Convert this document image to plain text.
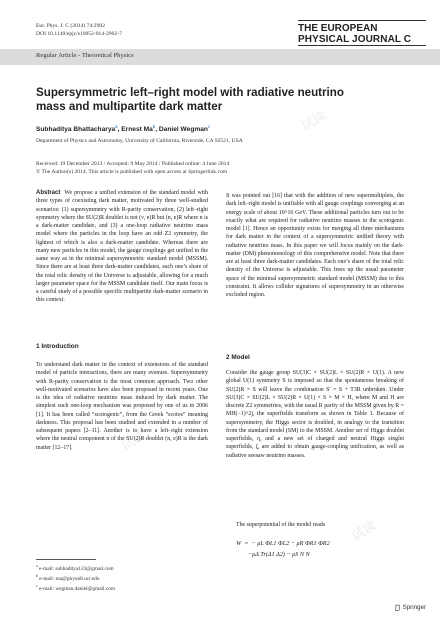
试读
试读
试读
试读
试读
试读
Eur. Phys. J. C (2014) 74:2902
DOI 10.1140/epjc/s10052-014-2902-7	THE EUROPEAN
PHYSICAL JOURNAL C
Regular Article - Theoretical Physics
Supersymmetric left–right model with radiative neutrino mass and multipartite dark matter
Subhaditya Bhattacharya$^a$, Ernest Ma$^b$, Daniel Wegman$^c$
Department of Physics and Astronomy, University of California, Riverside, CA 92521, USA
Received: 19 December 2013 / Accepted: 9 May 2014 / Published online: 4 June 2014
© The Author(s) 2014. This article is published with open access at Springerlink.com
Abstract We propose a unified extension of the standard model with three types of coexisting dark matter, motivated by three well-studied scenarios: (1) supersymmetry with R-parity conservation, (2) left–right symmetry where the SU(2)R doublet is not (ν, e)R but (n, e)R where n is a dark-matter candidate, and (3) a one-loop radiative neutrino mass model where the particles in the loop have an odd Z2 symmetry, the lightest of which is also a dark-matter candidate. Whereas there are many new particles in this model, the gauge couplings get unified in the same way as in the minimal supersymmetric standard model (MSSM). Since there are at least three dark-matter candidates, each one’s share of the total relic density of the Universe is adjustable, allowing for a much larger parameter space for the MSSM candidate itself. Our main focus is a careful study of a possible specific multipartite dark-matter scenario in this context.
1 Introduction
To understand dark matter in the context of extensions of the standard model of particle interactions, there are many avenues. Supersymmetry with R-parity conservation is the most common approach. Two other well-motivated scenarios have also been proposed in recent years. One is the idea of radiative neutrino mass induced by dark matter. The simplest such one-loop mechanism was proposed by one of us in 2006 [1]. It has been called “scotogenic”, from the Greek “scotos” meaning darkness. This proposal has been studied and extended in a number of subsequent papers [2–11]. Another is to have a left–right extension where the neutral component n of the SU(2)R doublet (n, e)R is the dark matter [12–17].
It was pointed out [16] that with the addition of new supermultiplets, the dark left–right model is unifiable with all gauge couplings converging at an energy scale of about 10^16 GeV. These additional particles turn out to be exactly what are required for radiative neutrino masses in the scotogenic model [1]. Hence an opportunity exists for merging all three mechanisms for dark matter in the context of a supersymmetric unified theory with radiative neutrino mass. In this paper we will focus mainly on the dark-matter (DM) phenomenology of this comprehensive model. Note that there are at least three dark-matter candidates. Each one’s share of the total relic density of the Universe is adjustable. This frees up the usual parameter space of the minimal supersymmetric standard model (MSSM) due to this constraint. It allows collider signatures of supersymmetry in an otherwise excluded region.
2 Model
Consider the gauge group SU(3)C × SU(2)L × SU(2)R × U(1). A new global U(1) symmetry S is imposed so that the spontaneous breaking of SU(2)R × S will leave the combination S′ = S + T3R unbroken. Under SU(3)C × SU(2)L × SU(2)R × U(1) × S × M × H, where M and H are discrete Z2 symmetries, with the usual R parity of the MSSM given by R = MH(−1)^2j, the superfields transform as shown in Table 1. Because of supersymmetry, the Higgs sector is doubled, in analogy to the transition from the standard model (SM) to the MSSM. Another set of Higgs doublet superfields, η, and a new set of charged and neutral Higgs singlet superfields, ζ, are added to obtain gauge-coupling unification, as well as radiative seesaw neutrino masses.
The superpotential of the model reads
W  =  − μL ΦL1 ΦL2 − μR ΦR1 ΦR2
−μΔ Tr(Δ1 Δ2) − μS N N
$^a$ e-mail: subhaditya123@gmail.com
$^b$ e-mail: ma@phyun8.ucr.edu
$^c$ e-mail: wegman.daniel@gmail.com
Springer
